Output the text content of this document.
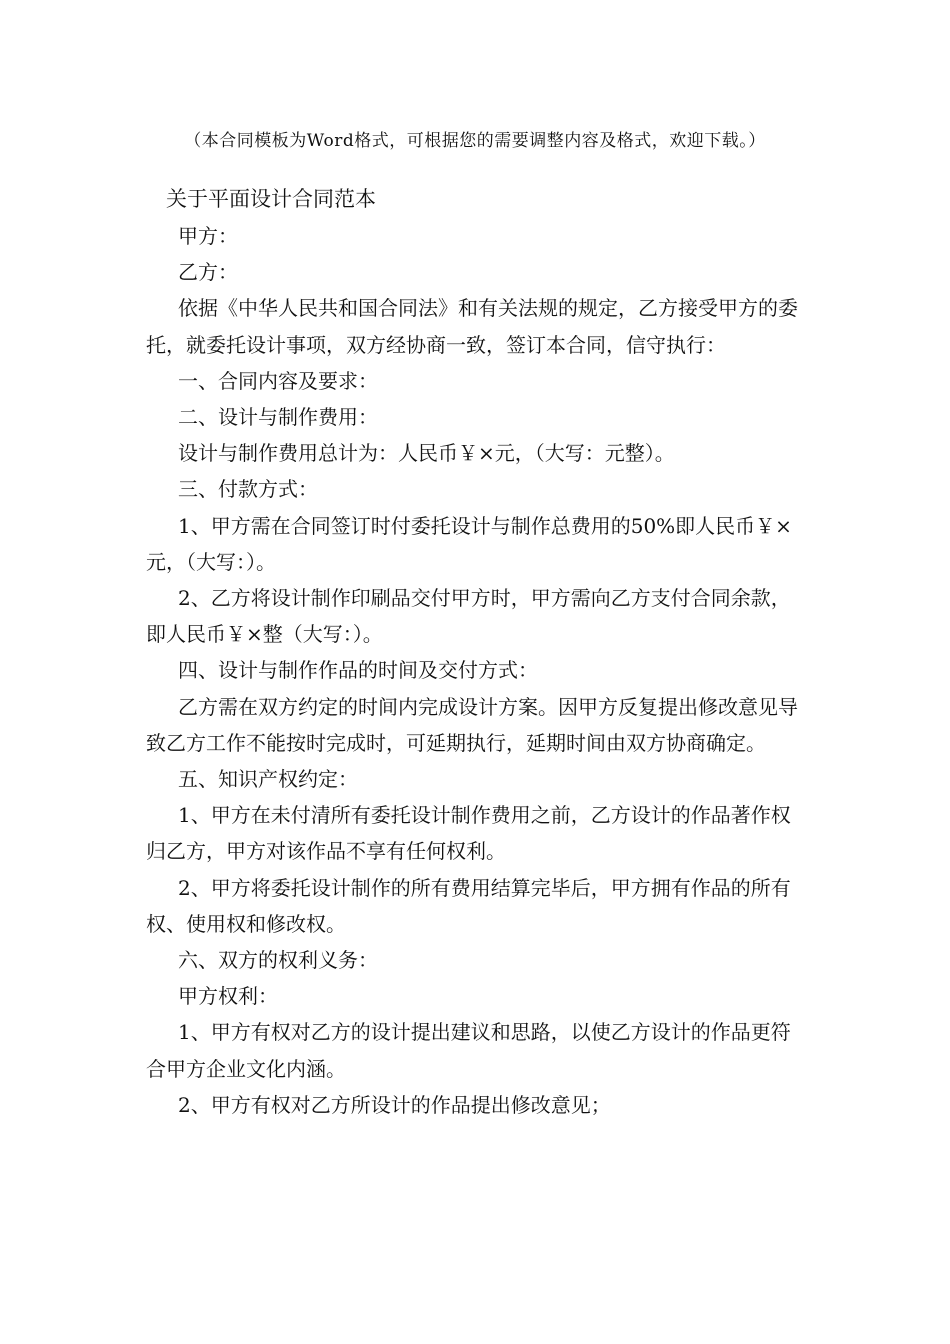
（本合同模板为Word格式，可根据您的需要调整内容及格式，欢迎下载。）
关于平面设计合同范本

甲方：

乙方：

依据《中华人民共和国合同法》和有关法规的规定，乙方接受甲方的委托，就委托设计事项，双方经协商一致，签订本合同，信守执行：

一、合同内容及要求：

二、设计与制作费用：

设计与制作费用总计为：人民币￥×元，（大写：元整）。

三、付款方式：

1、甲方需在合同签订时付委托设计与制作总费用的50%即人民币￥×元，（大写：）。

2、乙方将设计制作印刷品交付甲方时，甲方需向乙方支付合同余款，即人民币￥×整（大写：）。

四、设计与制作作品的时间及交付方式：

乙方需在双方约定的时间内完成设计方案。因甲方反复提出修改意见导致乙方工作不能按时完成时，可延期执行，延期时间由双方协商确定。

五、知识产权约定：

1、甲方在未付清所有委托设计制作费用之前，乙方设计的作品著作权归乙方，甲方对该作品不享有任何权利。

2、甲方将委托设计制作的所有费用结算完毕后，甲方拥有作品的所有权、使用权和修改权。

六、双方的权利义务：

甲方权利：

1、甲方有权对乙方的设计提出建议和思路，以使乙方设计的作品更符合甲方企业文化内涵。

2、甲方有权对乙方所设计的作品提出修改意见；
